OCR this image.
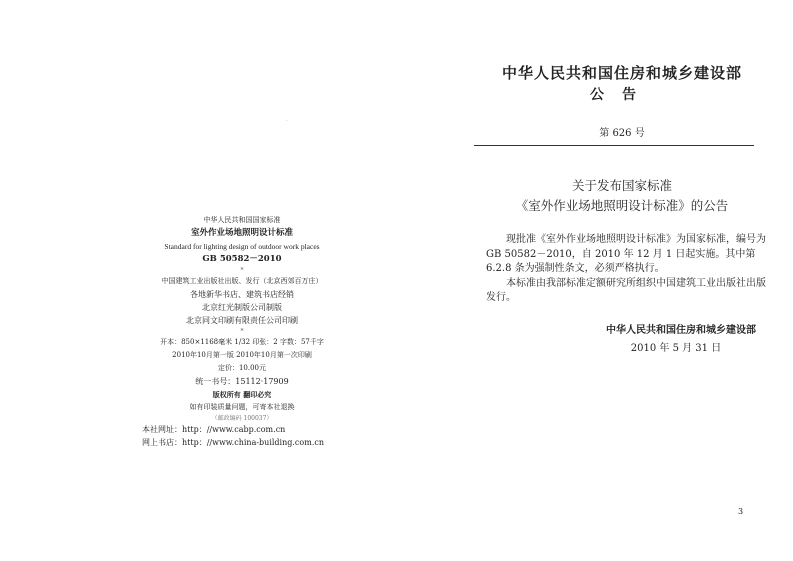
·
中华人民共和国国家标准
室外作业场地照明设计标准
Standard for lighting design of outdoor work places
GB 50582－2010
*
中国建筑工业出版社出版、发行（北京西郊百万庄）
各地新华书店、建筑书店经销
北京红光制版公司制版
北京同文印刷有限责任公司印刷
*
开本：850×1168毫米 1/32 印张：2 字数：57千字
2010年10月第一版 2010年10月第一次印刷
定价：10.00元
统一书号：15112·17909
版权所有 翻印必究
如有印装质量问题，可寄本社退换
（邮政编码 100037）
本社网址：http：//www.cabp.com.cn
网上书店：http：//www.china-building.com.cn
中华人民共和国住房和城乡建设部
公告
第 626 号
关于发布国家标准
《室外作业场地照明设计标准》的公告

现批准《室外作业场地照明设计标准》为国家标准，编号为GB 50582－2010，自 2010 年 12 月 1 日起实施。其中第 6.2.8 条为强制性条文，必须严格执行。

本标准由我部标准定额研究所组织中国建筑工业出版社出版发行。

中华人民共和国住房和城乡建设部
2010 年 5 月 31 日
3
